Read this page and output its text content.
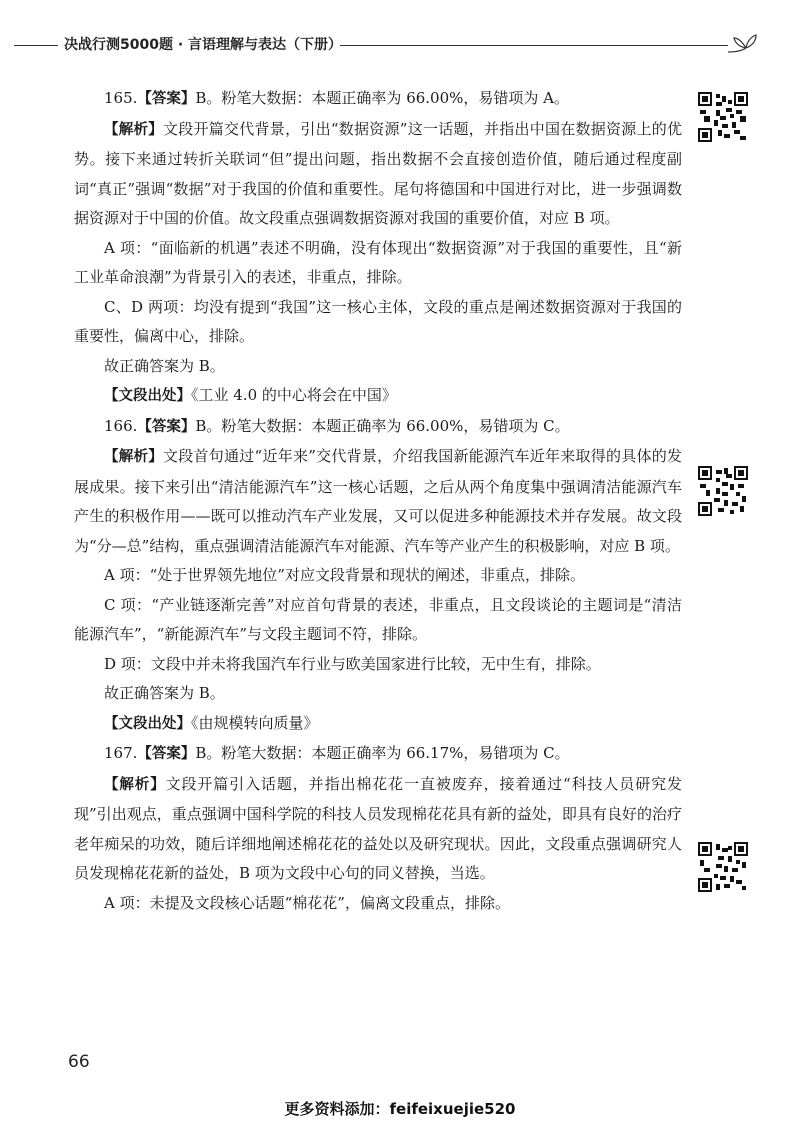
决战行测5000题 · 言语理解与表达（下册）

165.【答案】B。粉笔大数据：本题正确率为 66.00%，易错项为 A。

【解析】文段开篇交代背景，引出“数据资源”这一话题，并指出中国在数据资源上的优势。接下来通过转折关联词“但”提出问题，指出数据不会直接创造价值，随后通过程度副词“真正”强调“数据”对于我国的价值和重要性。尾句将德国和中国进行对比，进一步强调数据资源对于中国的价值。故文段重点强调数据资源对我国的重要价值，对应 B 项。

A 项：“面临新的机遇”表述不明确，没有体现出“数据资源”对于我国的重要性，且“新工业革命浪潮”为背景引入的表述，非重点，排除。

C、D 两项：均没有提到“我国”这一核心主体，文段的重点是阐述数据资源对于我国的重要性，偏离中心，排除。

故正确答案为 B。

【文段出处】《工业 4.0 的中心将会在中国》

166.【答案】B。粉笔大数据：本题正确率为 66.00%，易错项为 C。

【解析】文段首句通过“近年来”交代背景，介绍我国新能源汽车近年来取得的具体的发展成果。接下来引出“清洁能源汽车”这一核心话题，之后从两个角度集中强调清洁能源汽车产生的积极作用——既可以推动汽车产业发展，又可以促进多种能源技术并存发展。故文段为“分—总”结构，重点强调清洁能源汽车对能源、汽车等产业产生的积极影响，对应 B 项。

A 项：“处于世界领先地位”对应文段背景和现状的阐述，非重点，排除。

C 项：“产业链逐渐完善”对应首句背景的表述，非重点，且文段谈论的主题词是“清洁能源汽车”，“新能源汽车”与文段主题词不符，排除。

D 项：文段中并未将我国汽车行业与欧美国家进行比较，无中生有，排除。

故正确答案为 B。

【文段出处】《由规模转向质量》

167.【答案】B。粉笔大数据：本题正确率为 66.17%，易错项为 C。

【解析】文段开篇引入话题，并指出棉花花一直被废弃，接着通过“科技人员研究发现”引出观点，重点强调中国科学院的科技人员发现棉花花具有新的益处，即具有良好的治疗老年痴呆的功效，随后详细地阐述棉花花的益处以及研究现状。因此，文段重点强调研究人员发现棉花花新的益处，B 项为文段中心句的同义替换，当选。

A 项：未提及文段核心话题“棉花花”，偏离文段重点，排除。

66
更多资料添加：feifeixuejie520
